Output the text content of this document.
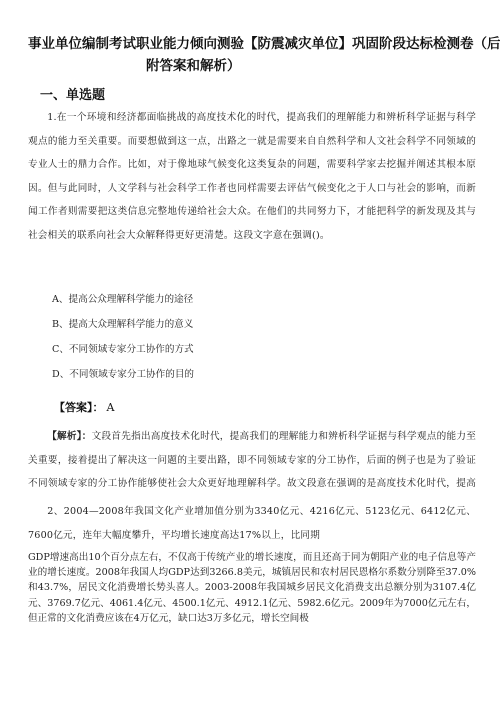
事业单位编制考试职业能力倾向测验【防震减灾单位】巩固阶段达标检测卷（后
附答案和解析）
一、单选题
1.在一个环境和经济都面临挑战的高度技术化的时代，提高我们的理解能力和辨析科学证据与科学观点的能力至关重要。而要想做到这一点，出路之一就是需要来自自然科学和人文社会科学不同领域的专业人士的鼎力合作。比如，对于像地球气候变化这类复杂的问题，需要科学家去挖掘并阐述其根本原因。但与此同时，人文学科与社会科学工作者也同样需要去评估气候变化之于人口与社会的影响，而新闻工作者则需要把这类信息完整地传递给社会大众。在他们的共同努力下，才能把科学的新发现及其与社会相关的联系向社会大众解释得更好更清楚。这段文字意在强调()。
A、提高公众理解科学能力的途径
B、提高大众理解科学能力的意义
C、不同领域专家分工协作的方式
【答案】： A
【解析】：文段首先指出高度技术化时代，提高我们的理解能力和辨析科学证据与科学观点的能力至关重要，接着提出了解决这一问题的主要出路，即不同领域专家的分工协作，后面的例子也是为了验证不同领域专家的分工协作能够使社会大众更好地理解科学。故文段意在强调的是高度技术化时代，提高
2、2004—2008年我国文化产业增加值分别为3340亿元、4216亿元、5123亿元、6412亿元、7600亿元，连年大幅度攀升，平均增长速度高达17%以上，比同期
GDP增速高出10个百分点左右，不仅高于传统产业的增长速度，而且还高于同为朝阳产业的电子信息等产业的增长速度。2008年我国人均GDP达到3266.8美元，城镇居民和农村居民恩格尔系数分别降至37.0%和43.7%，居民文化消费增长势头喜人。2003-2008年我国城乡居民文化消费支出总额分别为3107.4亿元、3769.7亿元、4061.4亿元、4500.1亿元、4912.1亿元、5982.6亿元。2009年为7000亿元左右，但正常的文化消费应该在4万亿元，缺口达3万多亿元，增长空间极
D、不同领域专家分工协作的目的
